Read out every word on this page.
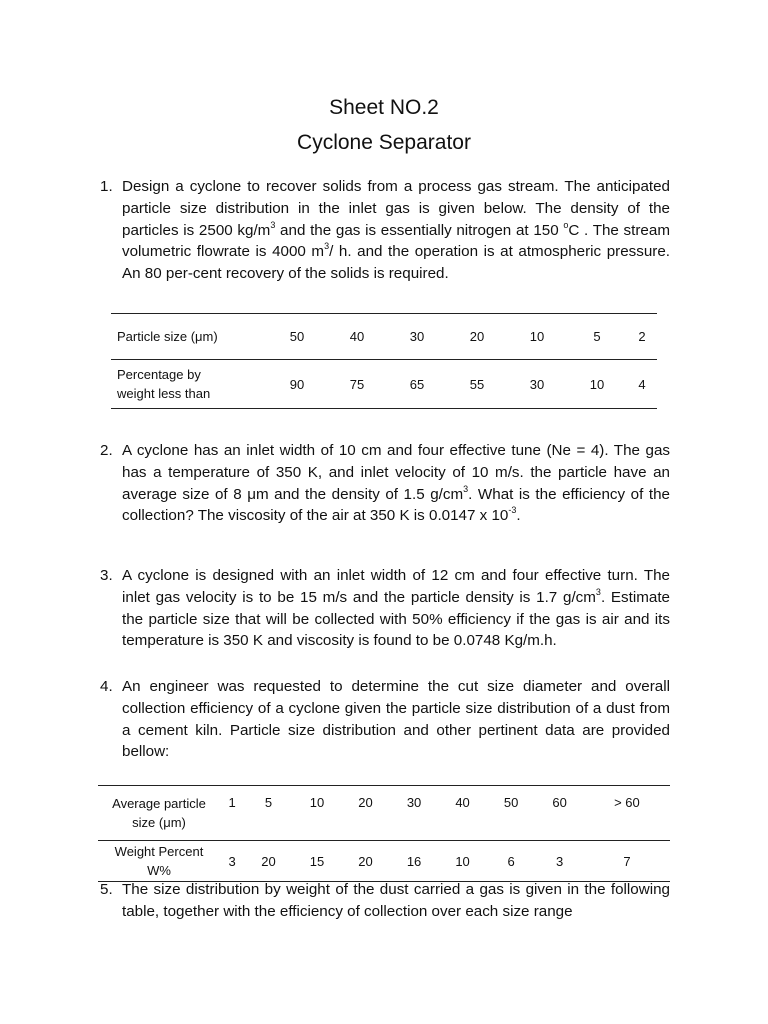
Sheet NO.2
Cyclone Separator
1. Design a cyclone to recover solids from a process gas stream. The anticipated particle size distribution in the inlet gas is given below. The density of the particles is 2500 $kg/m^3$ and the gas is essentially nitrogen at 150 $^o$C . The stream volumetric flowrate is 4000 $m^3/$ h. and the operation is at atmospheric pressure. An 80 per-cent recovery of the solids is required.
Particle size (μm)	50	40	30	20	10	5	2
Percentage by
weight less than	90	75	65	55	30	10	4
2. A cyclone has an inlet width of 10 cm and four effective tune (Ne = 4). The gas has a temperature of 350 K, and inlet velocity of 10 m/s. the particle have an average size of 8 μm and the density of 1.5 $g/cm^3$. What is the efficiency of the collection? The viscosity of the air at 350 K is 0.0147 x $10^{-3}$.
3. A cyclone is designed with an inlet width of 12 cm and four effective turn. The inlet gas velocity is to be 15 m/s and the particle density is 1.7 $g/cm^3$. Estimate the particle size that will be collected with 50% efficiency if the gas is air and its temperature is 350 K and viscosity is found to be 0.0748 Kg/m.h.
4. An engineer was requested to determine the cut size diameter and overall collection efficiency of a cyclone given the particle size distribution of a dust from a cement kiln. Particle size distribution and other pertinent data are provided bellow:
Average particle
size (μm)	1	5	10	20	30	40	50	60	> 60
Weight Percent
W%	3	20	15	20	16	10	6	3	7
5. The size distribution by weight of the dust carried a gas is given in the following table, together with the efficiency of collection over each size range
